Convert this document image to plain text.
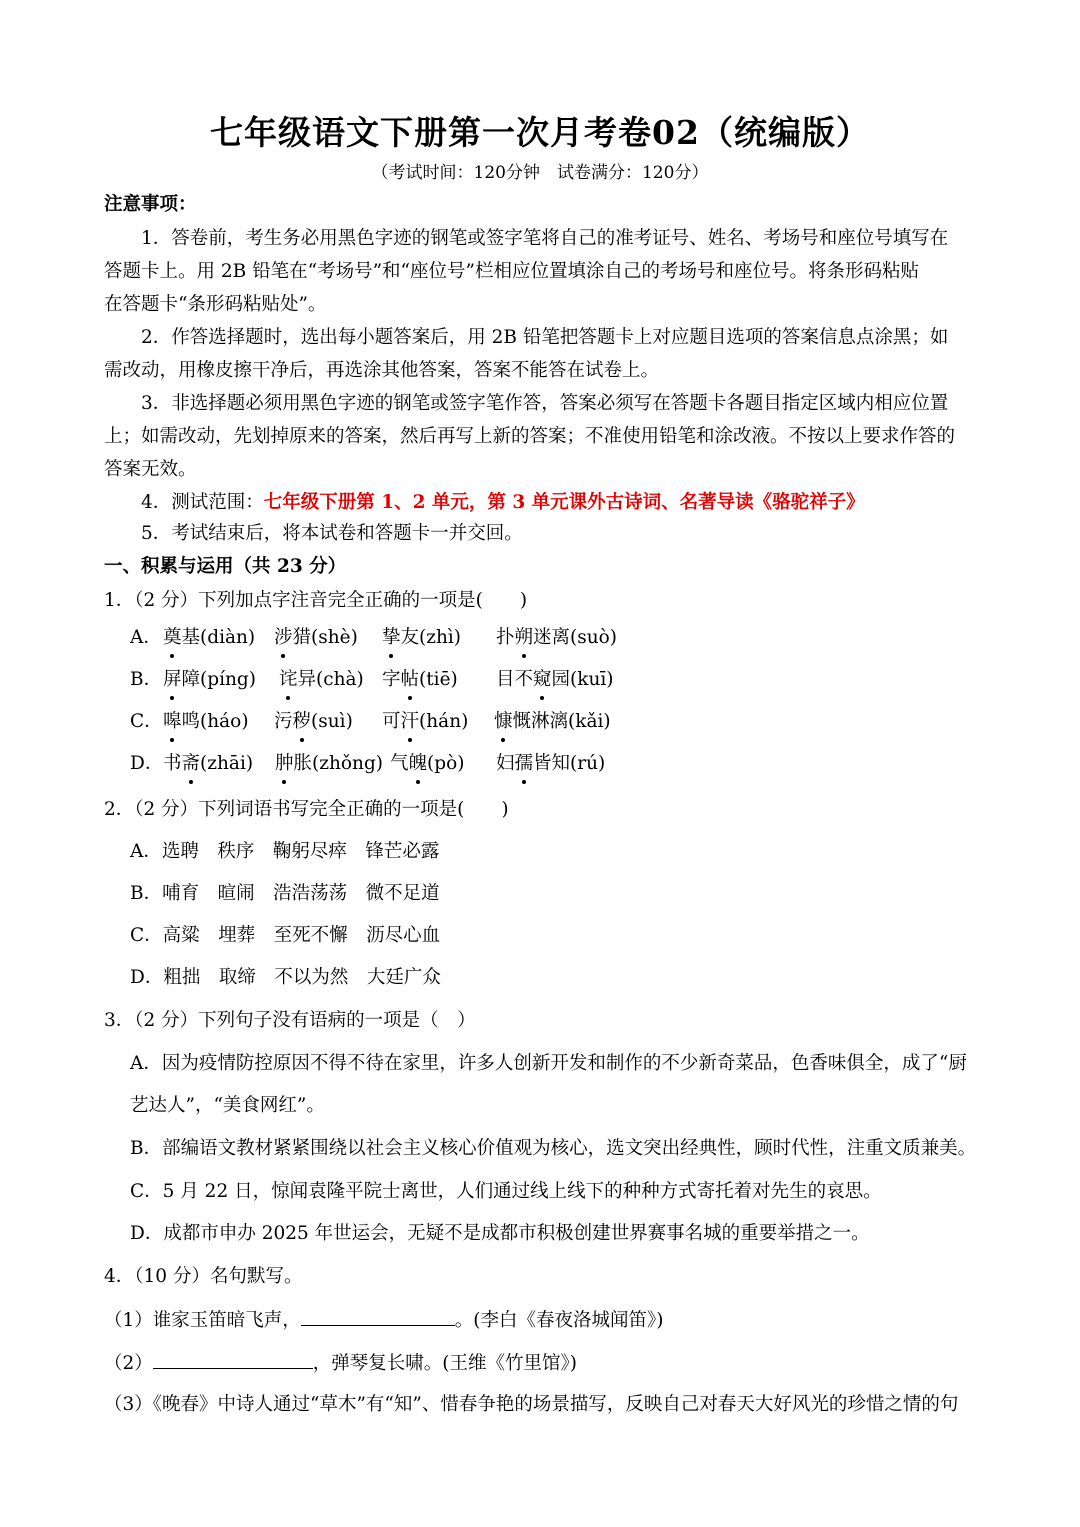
七年级语文下册第一次月考卷02（统编版）
（考试时间：120分钟　试卷满分：120分）
注意事项：
1．答卷前，考生务必用黑色字迹的钢笔或签字笔将自己的准考证号、姓名、考场号和座位号填写在
答题卡上。用 2B 铅笔在“考场号”和“座位号”栏相应位置填涂自己的考场号和座位号。将条形码粘贴
在答题卡“条形码粘贴处”。
2．作答选择题时，选出每小题答案后，用 2B 铅笔把答题卡上对应题目选项的答案信息点涂黑；如
需改动，用橡皮擦干净后，再选涂其他答案，答案不能答在试卷上。
3．非选择题必须用黑色字迹的钢笔或签字笔作答，答案必须写在答题卡各题目指定区域内相应位置
上；如需改动，先划掉原来的答案，然后再写上新的答案；不准使用铅笔和涂改液。不按以上要求作答的
答案无效。
4．测试范围：七年级下册第 1、2 单元，第 3 单元课外古诗词、名著导读《骆驼祥子》
5．考试结束后，将本试卷和答题卡一并交回。
一、积累与运用（共 23 分）
1．（2 分）下列加点字注音完全正确的一项是(　　)
A． 奠基(diàn) 涉猎(shè) 挚友(zhì) 扑朔迷离(suò)
B． 屏障(píng) 诧异(chà) 字帖(tiē) 目不窥园(kuī)
C． 嗥鸣(háo) 污秽(suì) 可汗(hán) 慷慨淋漓(kǎi)
D． 书斋(zhāi) 肿胀(zhǒng) 气魄(pò) 妇孺皆知(rú)
2．（2 分）下列词语书写完全正确的一项是(　　)
A．选聘　秩序　鞠躬尽瘁　锋芒必露
B．哺育　暄闹　浩浩荡荡　微不足道
C．高粱　埋葬　至死不懈　沥尽心血
D．粗拙　取缔　不以为然　大廷广众
3．（2 分）下列句子没有语病的一项是（　）
A．因为疫情防控原因不得不待在家里，许多人创新开发和制作的不少新奇菜品，色香味俱全，成了“厨
艺达人”，“美食网红”。
B．部编语文教材紧紧围绕以社会主义核心价值观为核心，选文突出经典性，顾时代性，注重文质兼美。
C．5 月 22 日，惊闻袁隆平院士离世，人们通过线上线下的种种方式寄托着对先生的哀思。
D．成都市申办 2025 年世运会，无疑不是成都市积极创建世界赛事名城的重要举措之一。
4．（10 分）名句默写。
（1）谁家玉笛暗飞声，	。(李白《春夜洛城闻笛》)
（2）	，弹琴复长啸。(王维《竹里馆》)
（3）《晚春》中诗人通过“草木”有“知”、惜春争艳的场景描写，反映自己对春天大好风光的珍惜之情的句
